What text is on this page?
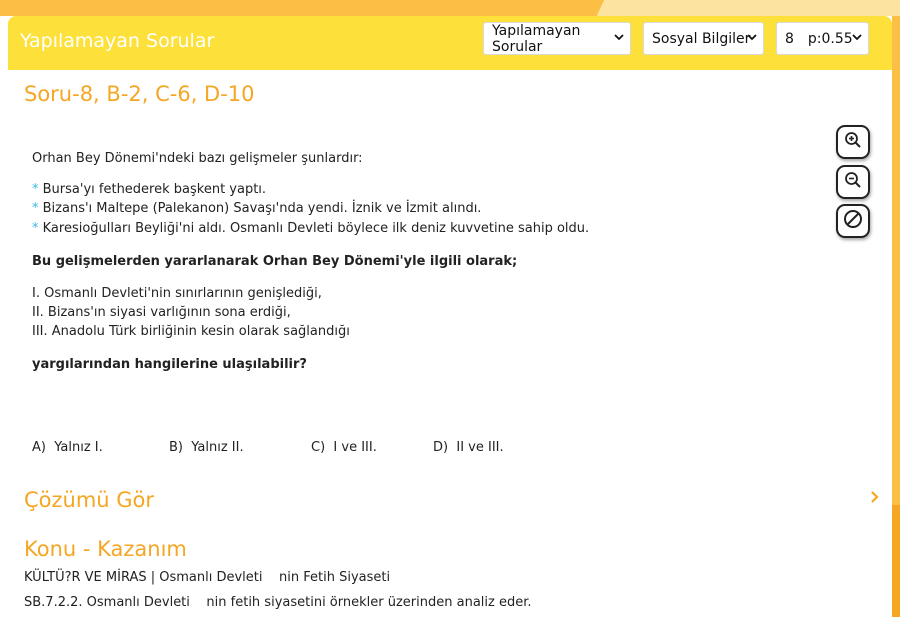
Yapılamayan Sorular	Yapılamayan Sorular	Sosyal Bilgiler 8 p:0.55
Soru-8, B-2, C-6, D-10
Orhan Bey Dönemi'ndeki bazı gelişmeler şunlardır:
* Bursa'yı fethederek başkent yaptı.
* Bizans'ı Maltepe (Palekanon) Savaşı'nda yendi. İznik ve İzmit alındı.
* Karesioğulları Beyliği'ni aldı. Osmanlı Devleti böylece ilk deniz kuvvetine sahip oldu.
Bu gelişmelerden yararlanarak Orhan Bey Dönemi'yle ilgili olarak;
I. Osmanlı Devleti'nin sınırlarının genişlediği,
II. Bizans'ın siyasi varlığının sona erdiği,
III. Anadolu Türk birliğinin kesin olarak sağlandığı
yargılarından hangilerine ulaşılabilir?
A) Yalnız I.	B) Yalnız II.	C) I ve III.	D) II ve III.
Çözümü Gör
Konu - Kazanım
KÜLTÜ?R VE MİRAS | Osmanlı Devleti    nin Fetih Siyaseti
SB.7.2.2. Osmanlı Devleti    nin fetih siyasetini örnekler üzerinden analiz eder.
